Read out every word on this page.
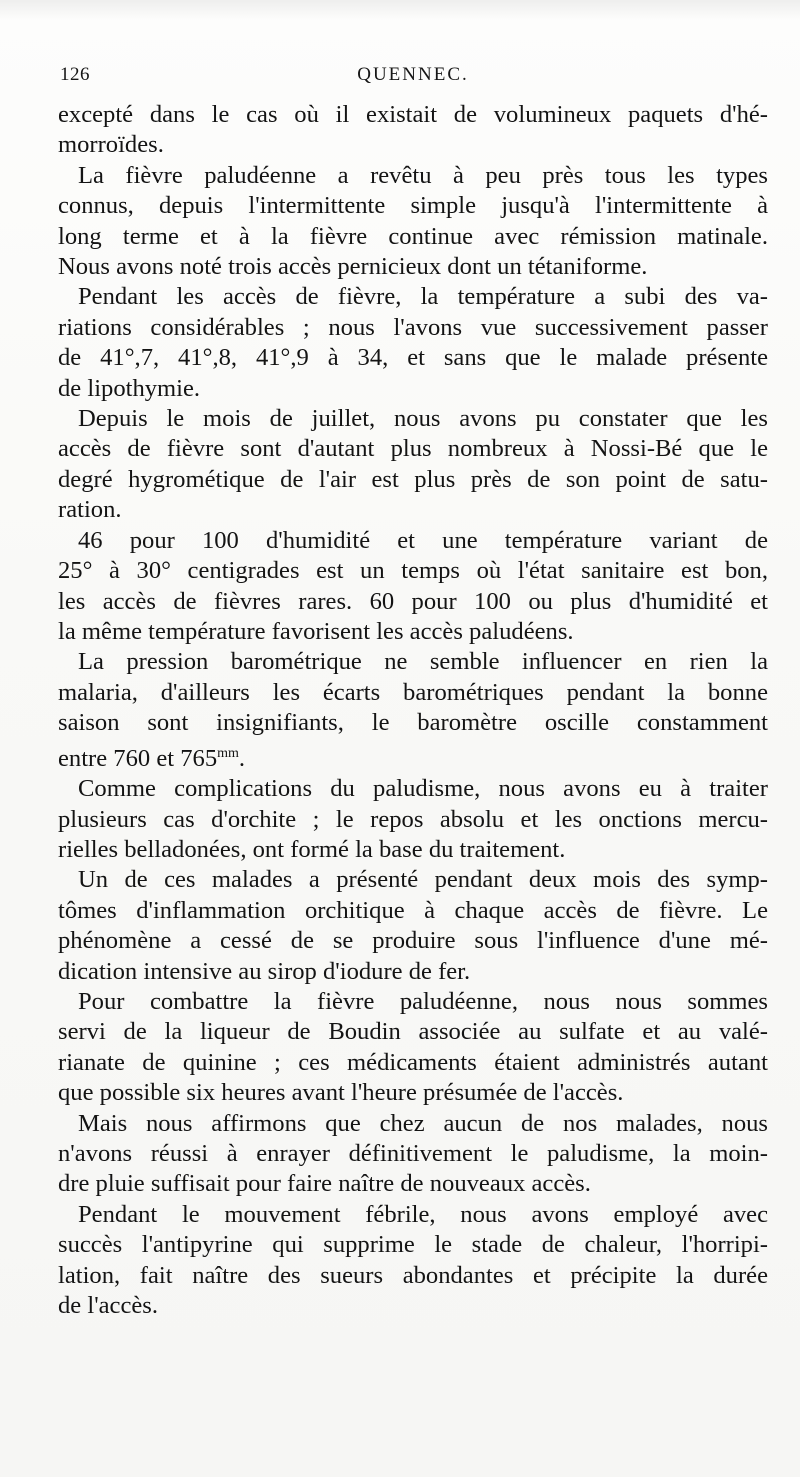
126	QUENNEC.
excepté dans le cas où il existait de volumineux paquets d'hé-
morroïdes.
La fièvre paludéenne a revêtu à peu près tous les types
connus, depuis l'intermittente simple jusqu'à l'intermittente à
long terme et à la fièvre continue avec rémission matinale.
Nous avons noté trois accès pernicieux dont un tétaniforme.
Pendant les accès de fièvre, la température a subi des va-
riations considérables ; nous l'avons vue successivement passer
de 41°,7, 41°,8, 41°,9 à 34, et sans que le malade présente
de lipothymie.
Depuis le mois de juillet, nous avons pu constater que les
accès de fièvre sont d'autant plus nombreux à Nossi-Bé que le
degré hygrométique de l'air est plus près de son point de satu-
ration.
46 pour 100 d'humidité et une température variant de
25° à 30° centigrades est un temps où l'état sanitaire est bon,
les accès de fièvres rares. 60 pour 100 ou plus d'humidité et
la même température favorisent les accès paludéens.
La pression barométrique ne semble influencer en rien la
malaria, d'ailleurs les écarts barométriques pendant la bonne
saison sont insignifiants, le baromètre oscille constamment
entre 760 et $765^{mm}$.
Comme complications du paludisme, nous avons eu à traiter
plusieurs cas d'orchite ; le repos absolu et les onctions mercu-
rielles belladonées, ont formé la base du traitement.
Un de ces malades a présenté pendant deux mois des symp-
tômes d'inflammation orchitique à chaque accès de fièvre. Le
phénomène a cessé de se produire sous l'influence d'une mé-
dication intensive au sirop d'iodure de fer.
Pour combattre la fièvre paludéenne, nous nous sommes
servi de la liqueur de Boudin associée au sulfate et au valé-
rianate de quinine ; ces médicaments étaient administrés autant
que possible six heures avant l'heure présumée de l'accès.
Mais nous affirmons que chez aucun de nos malades, nous
n'avons réussi à enrayer définitivement le paludisme, la moin-
dre pluie suffisait pour faire naître de nouveaux accès.
Pendant le mouvement fébrile, nous avons employé avec
succès l'antipyrine qui supprime le stade de chaleur, l'horripi-
lation, fait naître des sueurs abondantes et précipite la durée
de l'accès.
